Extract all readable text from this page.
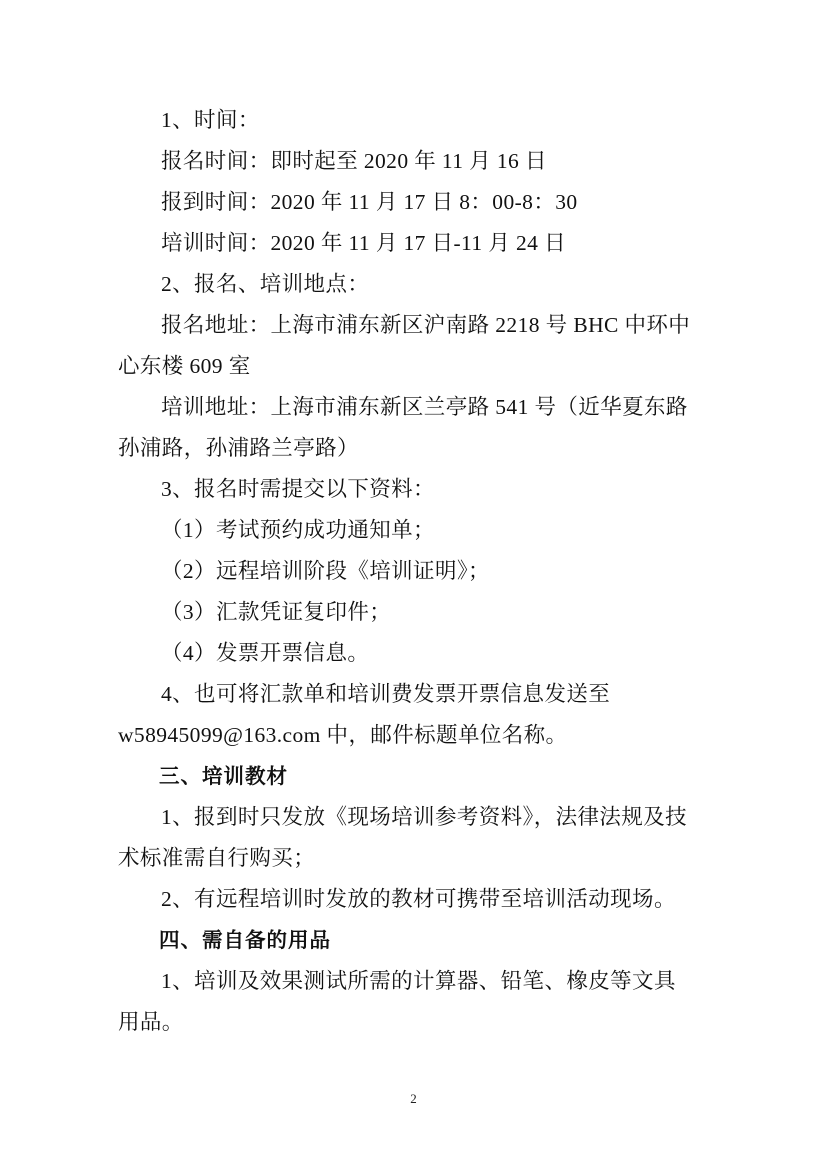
1、时间：

报名时间：即时起至 2020 年 11 月 16 日

报到时间：2020 年 11 月 17 日 8：00-8：30

培训时间：2020 年 11 月 17 日-11 月 24 日

2、报名、培训地点：

报名地址：上海市浦东新区沪南路 2218 号 BHC 中环中

心东楼 609 室

培训地址：上海市浦东新区兰亭路 541 号（近华夏东路

孙浦路，孙浦路兰亭路）

3、报名时需提交以下资料：

（1）考试预约成功通知单；

（2）远程培训阶段《培训证明》；

（3）汇款凭证复印件；

（4）发票开票信息。

4、也可将汇款单和培训费发票开票信息发送至

w58945099@163.com 中，邮件标题单位名称。

三、培训教材

1、报到时只发放《现场培训参考资料》，法律法规及技

术标准需自行购买；

2、有远程培训时发放的教材可携带至培训活动现场。

四、需自备的用品

1、培训及效果测试所需的计算器、铅笔、橡皮等文具

用品。

2
